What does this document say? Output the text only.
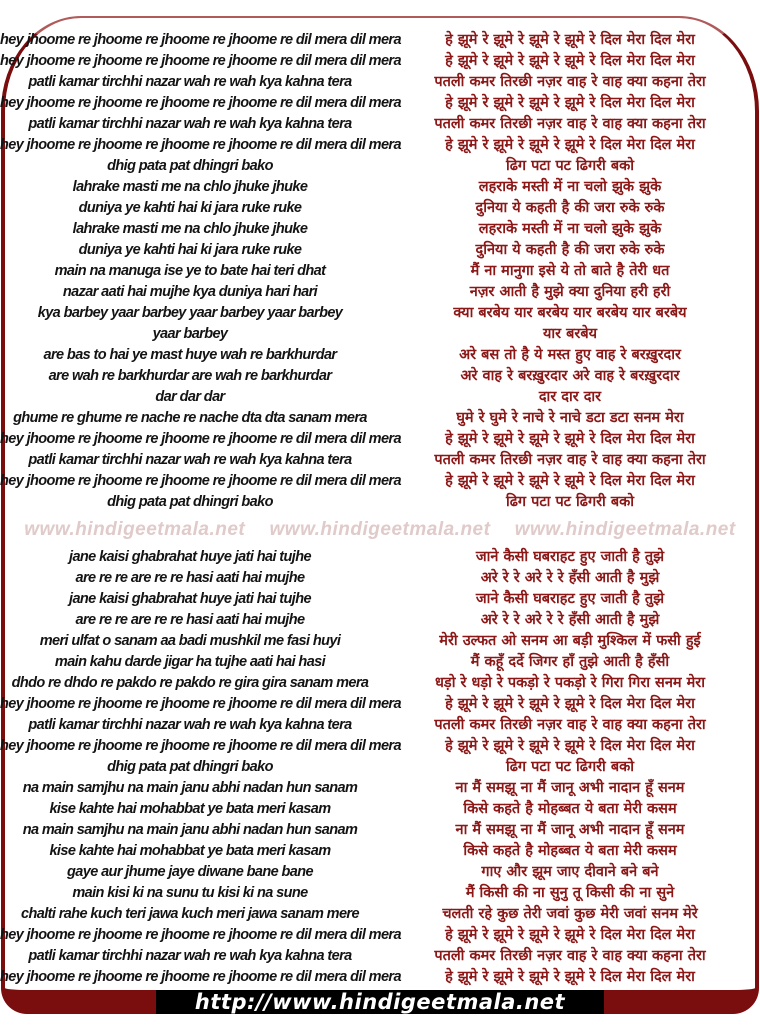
hey jhoome re jhoome re jhoome re jhoome re dil mera dil mera	हे झूमे रे झूमे रे झूमे रे झूमे रे दिल मेरा दिल मेरा
hey jhoome re jhoome re jhoome re jhoome re dil mera dil mera	हे झूमे रे झूमे रे झूमे रे झूमे रे दिल मेरा दिल मेरा
patli kamar tirchhi nazar wah re wah kya kahna tera	पतली कमर तिरछी नज़र वाह रे वाह क्या कहना तेरा
hey jhoome re jhoome re jhoome re jhoome re dil mera dil mera	हे झूमे रे झूमे रे झूमे रे झूमे रे दिल मेरा दिल मेरा
patli kamar tirchhi nazar wah re wah kya kahna tera	पतली कमर तिरछी नज़र वाह रे वाह क्या कहना तेरा
hey jhoome re jhoome re jhoome re jhoome re dil mera dil mera	हे झूमे रे झूमे रे झूमे रे झूमे रे दिल मेरा दिल मेरा
dhig pata pat dhingri bako	ढिग पटा पट ढिगरी बको
lahrake masti me na chlo jhuke jhuke	लहराके मस्ती में ना चलो झुके झुके
duniya ye kahti hai ki jara ruke ruke	दुनिया ये कहती है की जरा रुके रुके
lahrake masti me na chlo jhuke jhuke	लहराके मस्ती में ना चलो झुके झुके
duniya ye kahti hai ki jara ruke ruke	दुनिया ये कहती है की जरा रुके रुके
main na manuga ise ye to bate hai teri dhat	मैं ना मानुगा इसे ये तो बाते है तेरी धत
nazar aati hai mujhe kya duniya hari hari	नज़र आती है मुझे क्या दुनिया हरी हरी
kya barbey yaar barbey yaar barbey yaar barbey	क्या बरबेय यार बरबेय यार बरबेय यार बरबेय
yaar barbey	यार बरबेय
are bas to hai ye mast huye wah re barkhurdar	अरे बस तो है ये मस्त हुए वाह रे बरख़ुरदार
are wah re barkhurdar are wah re barkhurdar	अरे वाह रे बरख़ुरदार अरे वाह रे बरख़ुरदार
dar dar dar	दार दार दार
ghume re ghume re nache re nache dta dta sanam mera	घुमे रे घुमे रे नाचे रे नाचे डटा डटा सनम मेरा
hey jhoome re jhoome re jhoome re jhoome re dil mera dil mera	हे झूमे रे झूमे रे झूमे रे झूमे रे दिल मेरा दिल मेरा
patli kamar tirchhi nazar wah re wah kya kahna tera	पतली कमर तिरछी नज़र वाह रे वाह क्या कहना तेरा
hey jhoome re jhoome re jhoome re jhoome re dil mera dil mera	हे झूमे रे झूमे रे झूमे रे झूमे रे दिल मेरा दिल मेरा
dhig pata pat dhingri bako	ढिग पटा पट ढिगरी बको
www.hindigeetmala.net www.hindigeetmala.net www.hindigeetmala.net
jane kaisi ghabrahat huye jati hai tujhe	जाने कैसी घबराहट हुए जाती है तुझे
are re re are re re hasi aati hai mujhe	अरे रे रे अरे रे रे हँसी आती है मुझे
jane kaisi ghabrahat huye jati hai tujhe	जाने कैसी घबराहट हुए जाती है तुझे
are re re are re re hasi aati hai mujhe	अरे रे रे अरे रे रे हँसी आती है मुझे
meri ulfat o sanam aa badi mushkil me fasi huyi	मेरी उल्फत ओ सनम आ बड़ी मुश्किल में फसी हुई
main kahu darde jigar ha tujhe aati hai hasi	मैं कहूँ दर्दे जिगर हाँ तुझे आती है हँसी
dhdo re dhdo re pakdo re pakdo re gira gira sanam mera	धड़ो रे धड़ो रे पकड़ो रे पकड़ो रे गिरा गिरा सनम मेरा
hey jhoome re jhoome re jhoome re jhoome re dil mera dil mera	हे झूमे रे झूमे रे झूमे रे झूमे रे दिल मेरा दिल मेरा
patli kamar tirchhi nazar wah re wah kya kahna tera	पतली कमर तिरछी नज़र वाह रे वाह क्या कहना तेरा
hey jhoome re jhoome re jhoome re jhoome re dil mera dil mera	हे झूमे रे झूमे रे झूमे रे झूमे रे दिल मेरा दिल मेरा
dhig pata pat dhingri bako	ढिग पटा पट ढिगरी बको
na main samjhu na main janu abhi nadan hun sanam	ना मैं समझू ना मैं जानू अभी नादान हूँ सनम
kise kahte hai mohabbat ye bata meri kasam	किसे कहते है मोहब्बत ये बता मेरी कसम
na main samjhu na main janu abhi nadan hun sanam	ना मैं समझू ना मैं जानू अभी नादान हूँ सनम
kise kahte hai mohabbat ye bata meri kasam	किसे कहते है मोहब्बत ये बता मेरी कसम
gaye aur jhume jaye diwane bane bane	गाए और झूम जाए दीवाने बने बने
main kisi ki na sunu tu kisi ki na sune	मैं किसी की ना सुनु तू किसी की ना सुने
chalti rahe kuch teri jawa kuch meri jawa sanam mere	चलती रहे कुछ तेरी जवां कुछ मेरी जवां सनम मेरे
hey jhoome re jhoome re jhoome re jhoome re dil mera dil mera	हे झूमे रे झूमे रे झूमे रे झूमे रे दिल मेरा दिल मेरा
patli kamar tirchhi nazar wah re wah kya kahna tera	पतली कमर तिरछी नज़र वाह रे वाह क्या कहना तेरा
hey jhoome re jhoome re jhoome re jhoome re dil mera dil mera	हे झूमे रे झूमे रे झूमे रे झूमे रे दिल मेरा दिल मेरा
http://www.hindigeetmala.net
